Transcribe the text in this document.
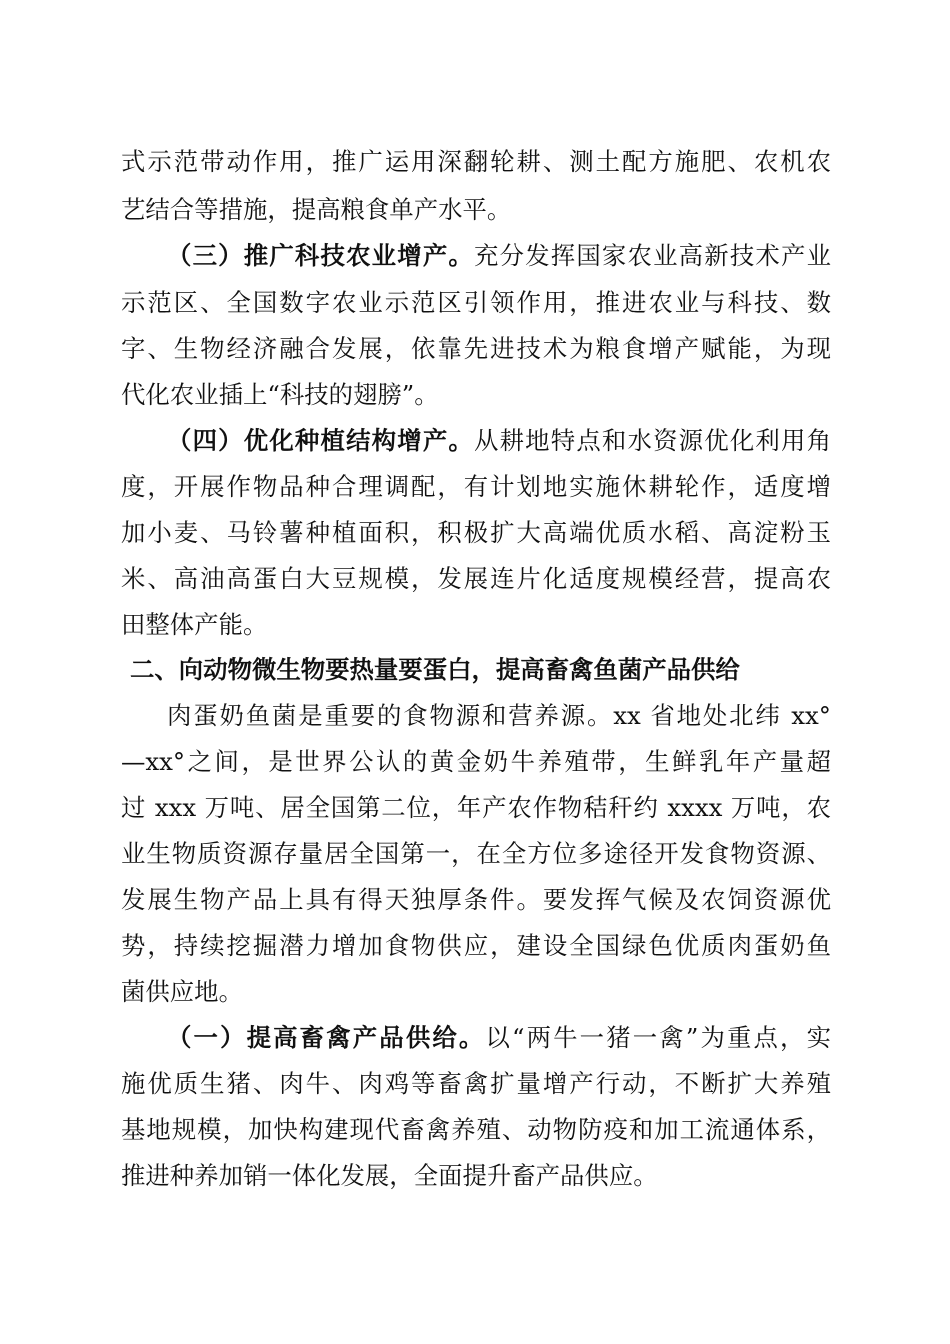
式示范带动作用，推广运用深翻轮耕、测土配方施肥、农机农
艺结合等措施，提高粮食单产水平。
（三）推广科技农业增产。充分发挥国家农业高新技术产业
示范区、全国数字农业示范区引领作用，推进农业与科技、数
字、生物经济融合发展，依靠先进技术为粮食增产赋能，为现
代化农业插上“科技的翅膀”。
（四）优化种植结构增产。从耕地特点和水资源优化利用角
度，开展作物品种合理调配，有计划地实施休耕轮作，适度增
加小麦、马铃薯种植面积，积极扩大高端优质水稻、高淀粉玉
米、高油高蛋白大豆规模，发展连片化适度规模经营，提高农
田整体产能。
二、向动物微生物要热量要蛋白，提高畜禽鱼菌产品供给
肉蛋奶鱼菌是重要的食物源和营养源。xx 省地处北纬 xx°
—xx°之间，是世界公认的黄金奶牛养殖带，生鲜乳年产量超
过 xxx 万吨、居全国第二位，年产农作物秸秆约 xxxx 万吨，农
业生物质资源存量居全国第一，在全方位多途径开发食物资源、
发展生物产品上具有得天独厚条件。要发挥气候及农饲资源优
势，持续挖掘潜力增加食物供应，建设全国绿色优质肉蛋奶鱼
菌供应地。
（一）提高畜禽产品供给。以“两牛一猪一禽”为重点，实
施优质生猪、肉牛、肉鸡等畜禽扩量增产行动，不断扩大养殖
基地规模，加快构建现代畜禽养殖、动物防疫和加工流通体系，
推进种养加销一体化发展，全面提升畜产品供应。
